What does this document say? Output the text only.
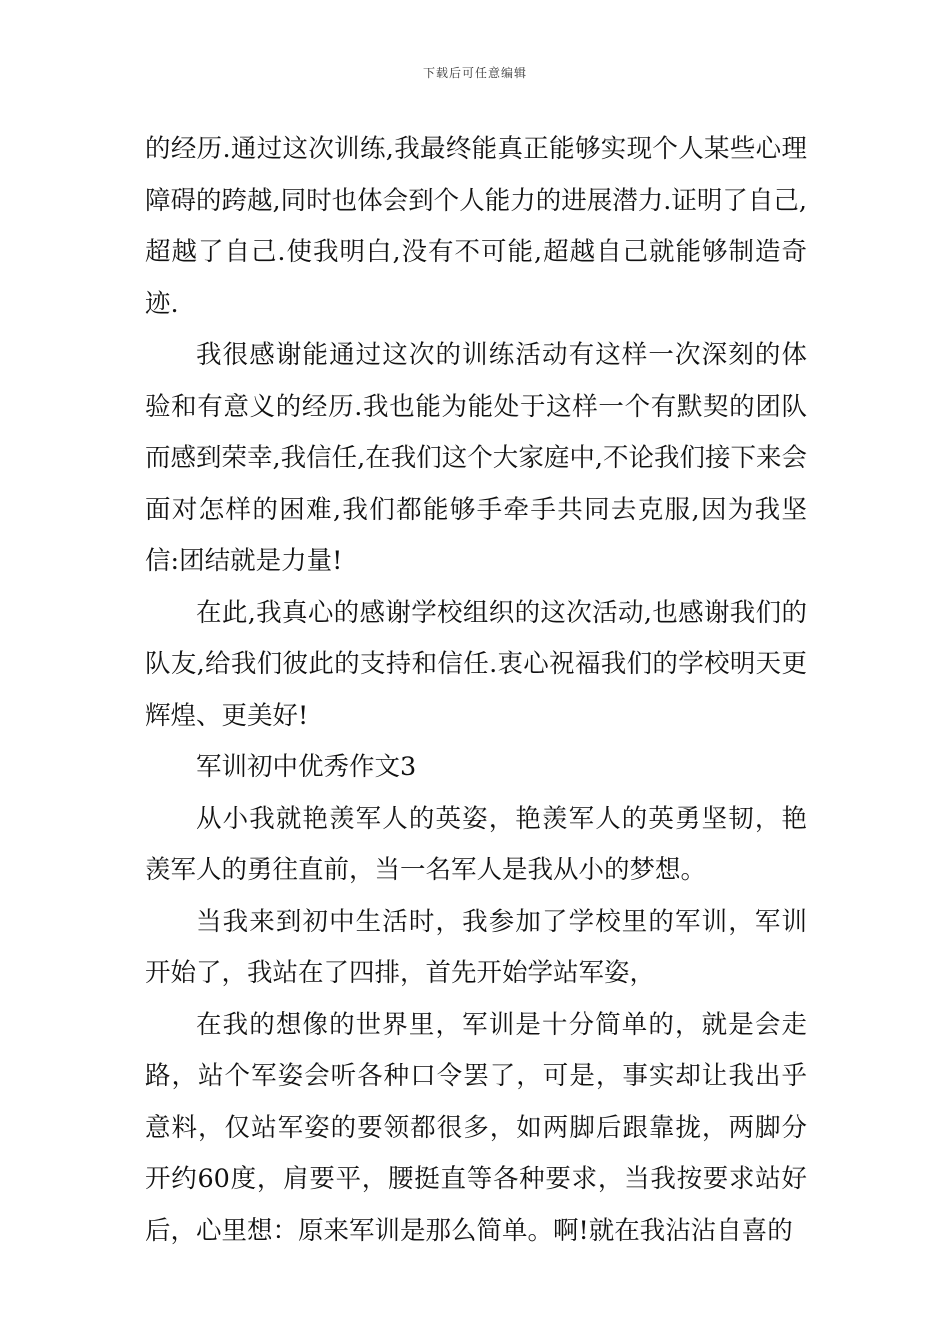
下载后可任意编辑

的经历.通过这次训练,我最终能真正能够实现个人某些心理障碍的跨越,同时也体会到个人能力的进展潜力.证明了自己,超越了自己.使我明白,没有不可能,超越自己就能够制造奇迹.

我很感谢能通过这次的训练活动有这样一次深刻的体验和有意义的经历.我也能为能处于这样一个有默契的团队而感到荣幸,我信任,在我们这个大家庭中,不论我们接下来会面对怎样的困难,我们都能够手牵手共同去克服,因为我坚信:团结就是力量!

在此,我真心的感谢学校组织的这次活动,也感谢我们的队友,给我们彼此的支持和信任.衷心祝福我们的学校明天更辉煌、更美好!

军训初中优秀作文3

从小我就艳羡军人的英姿，艳羡军人的英勇坚韧，艳羡军人的勇往直前，当一名军人是我从小的梦想。

当我来到初中生活时，我参加了学校里的军训，军训开始了，我站在了四排，首先开始学站军姿，

在我的想像的世界里，军训是十分简单的，就是会走路，站个军姿会听各种口令罢了，可是，事实却让我出乎意料，仅站军姿的要领都很多，如两脚后跟靠拢，两脚分开约60度，肩要平，腰挺直等各种要求，当我按要求站好后，心里想：原来军训是那么简单。啊!就在我沾沾自喜的
